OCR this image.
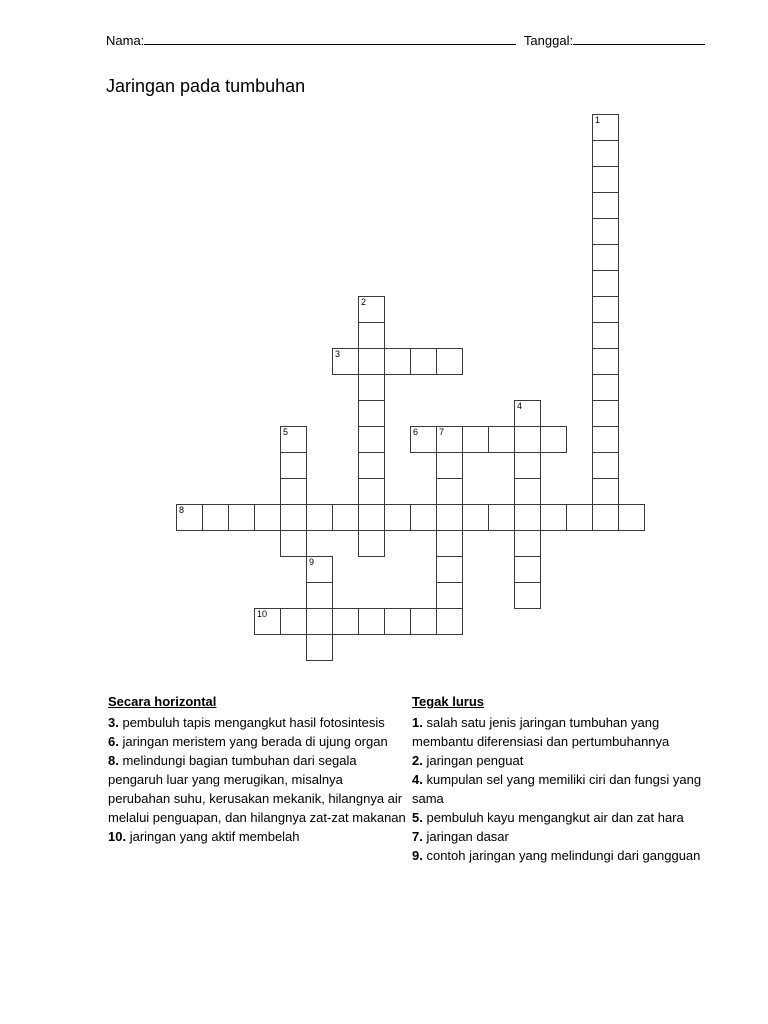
Nama:	Tanggal:
Jaringan pada tumbuhan
3
6 7
8
10
1
2
4
5
9
Secara horizontal

3. pembuluh tapis mengangkut hasil fotosintesis

6. jaringan meristem yang berada di ujung organ

8. melindungi bagian tumbuhan dari segala pengaruh luar yang merugikan, misalnya perubahan suhu, kerusakan mekanik, hilangnya air melalui penguapan, dan hilangnya zat-zat makanan

10. jaringan yang aktif membelah

Tegak lurus

1. salah satu jenis jaringan tumbuhan yang membantu diferensiasi dan pertumbuhannya

2. jaringan penguat

4. kumpulan sel yang memiliki ciri dan fungsi yang sama

5. pembuluh kayu mengangkut air dan zat hara

7. jaringan dasar

9. contoh jaringan yang melindungi dari gangguan
